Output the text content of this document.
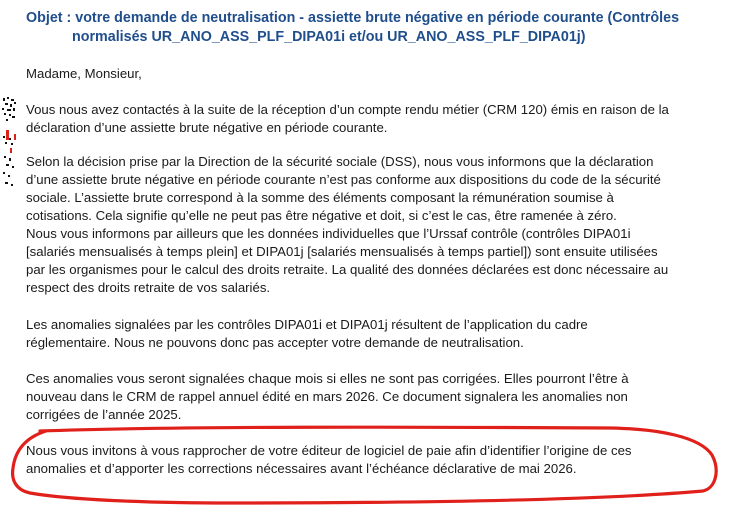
Objet : votre demande de neutralisation - assiette brute négative en période courante (Contrôles
normalisés UR_ANO_ASS_PLF_DIPA01i et/ou UR_ANO_ASS_PLF_DIPA01j)

Madame, Monsieur,

Vous nous avez contactés à la suite de la réception d’un compte rendu métier (CRM 120) émis en raison de la
déclaration d’une assiette brute négative en période courante.
Selon la décision prise par la Direction de la sécurité sociale (DSS), nous vous informons que la déclaration
d’une assiette brute négative en période courante n’est pas conforme aux dispositions du code de la sécurité
sociale. L’assiette brute correspond à la somme des éléments composant la rémunération soumise à
cotisations. Cela signifie qu’elle ne peut pas être négative et doit, si c’est le cas, être ramenée à zéro.
Nous vous informons par ailleurs que les données individuelles que l’Urssaf contrôle (contrôles DIPA01i
[salariés mensualisés à temps plein] et DIPA01j [salariés mensualisés à temps partiel]) sont ensuite utilisées
par les organismes pour le calcul des droits retraite. La qualité des données déclarées est donc nécessaire au
respect des droits retraite de vos salariés.
Les anomalies signalées par les contrôles DIPA01i et DIPA01j résultent de l’application du cadre
réglementaire. Nous ne pouvons donc pas accepter votre demande de neutralisation.
Ces anomalies vous seront signalées chaque mois si elles ne sont pas corrigées. Elles pourront l’être à
nouveau dans le CRM de rappel annuel édité en mars 2026. Ce document signalera les anomalies non
corrigées de l’année 2025.
Nous vous invitons à vous rapprocher de votre éditeur de logiciel de paie afin d’identifier l’origine de ces
anomalies et d’apporter les corrections nécessaires avant l’échéance déclarative de mai 2026.
